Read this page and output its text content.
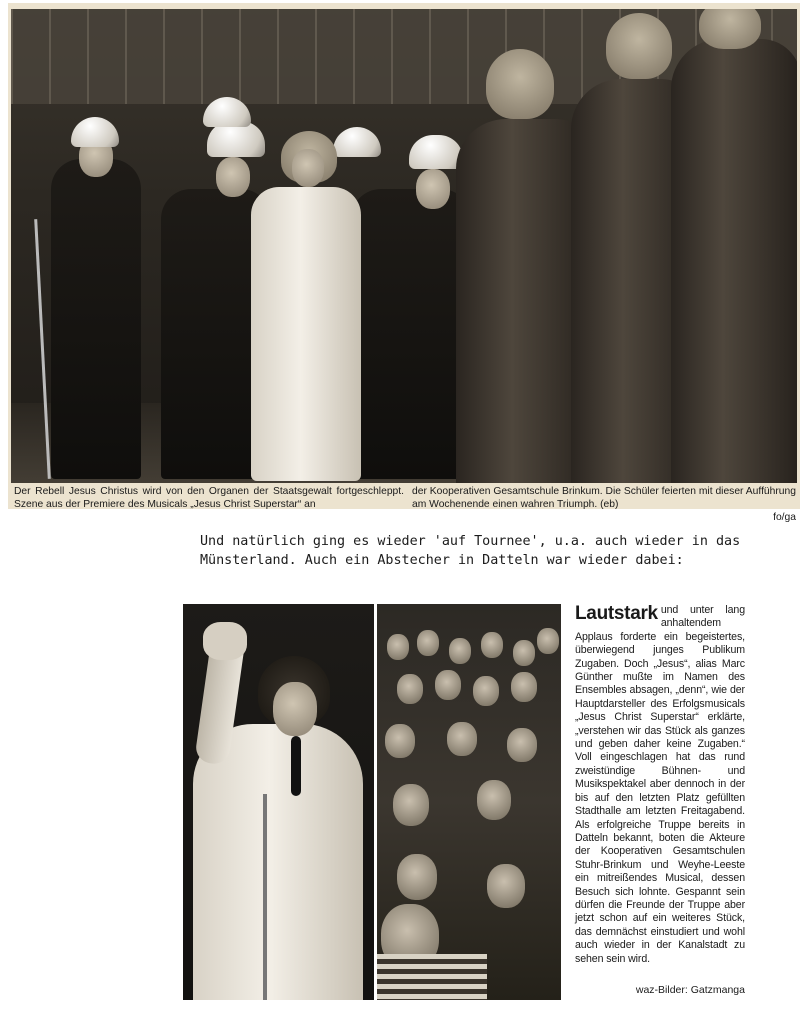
Der Rebell Jesus Christus wird von den Organen der Staatsgewalt fortgeschleppt. Szene aus der Premiere des Musicals „Jesus Christ Superstar“ an
der Kooperativen Gesamtschule Brinkum. Die Schüler feierten mit dieser Aufführung am Wochenende einen wahren Triumph. (eb)
fo/ga
Und natürlich ging es wieder 'auf Tournee', u.a. auch wieder in das
Münsterland. Auch ein Abstecher in Datteln war wieder dabei:
Lautstark und unter lang anhaltendem Applaus forderte ein begeistertes, überwiegend junges Publikum Zugaben. Doch „Jesus“, alias Marc Günther mußte im Namen des Ensembles absagen, „denn“, wie der Hauptdarsteller des Erfolgsmusicals „Jesus Christ Superstar“ erklärte, „verstehen wir das Stück als ganzes und geben daher keine Zugaben.“ Voll eingeschlagen hat das rund zweistündige Bühnen- und Musikspektakel aber dennoch in der bis auf den letzten Platz gefüllten Stadthalle am letzten Freitagabend. Als erfolgreiche Truppe bereits in Datteln bekannt, boten die Akteure der Kooperativen Gesamtschulen Stuhr-Brinkum und Weyhe-Leeste ein mitreißendes Musical, dessen Besuch sich lohnte. Gespannt sein dürfen die Freunde der Truppe aber jetzt schon auf ein weiteres Stück, das demnächst einstudiert und wohl auch wieder in der Kanalstadt zu sehen sein wird.
waz-Bilder: Gatzmanga
